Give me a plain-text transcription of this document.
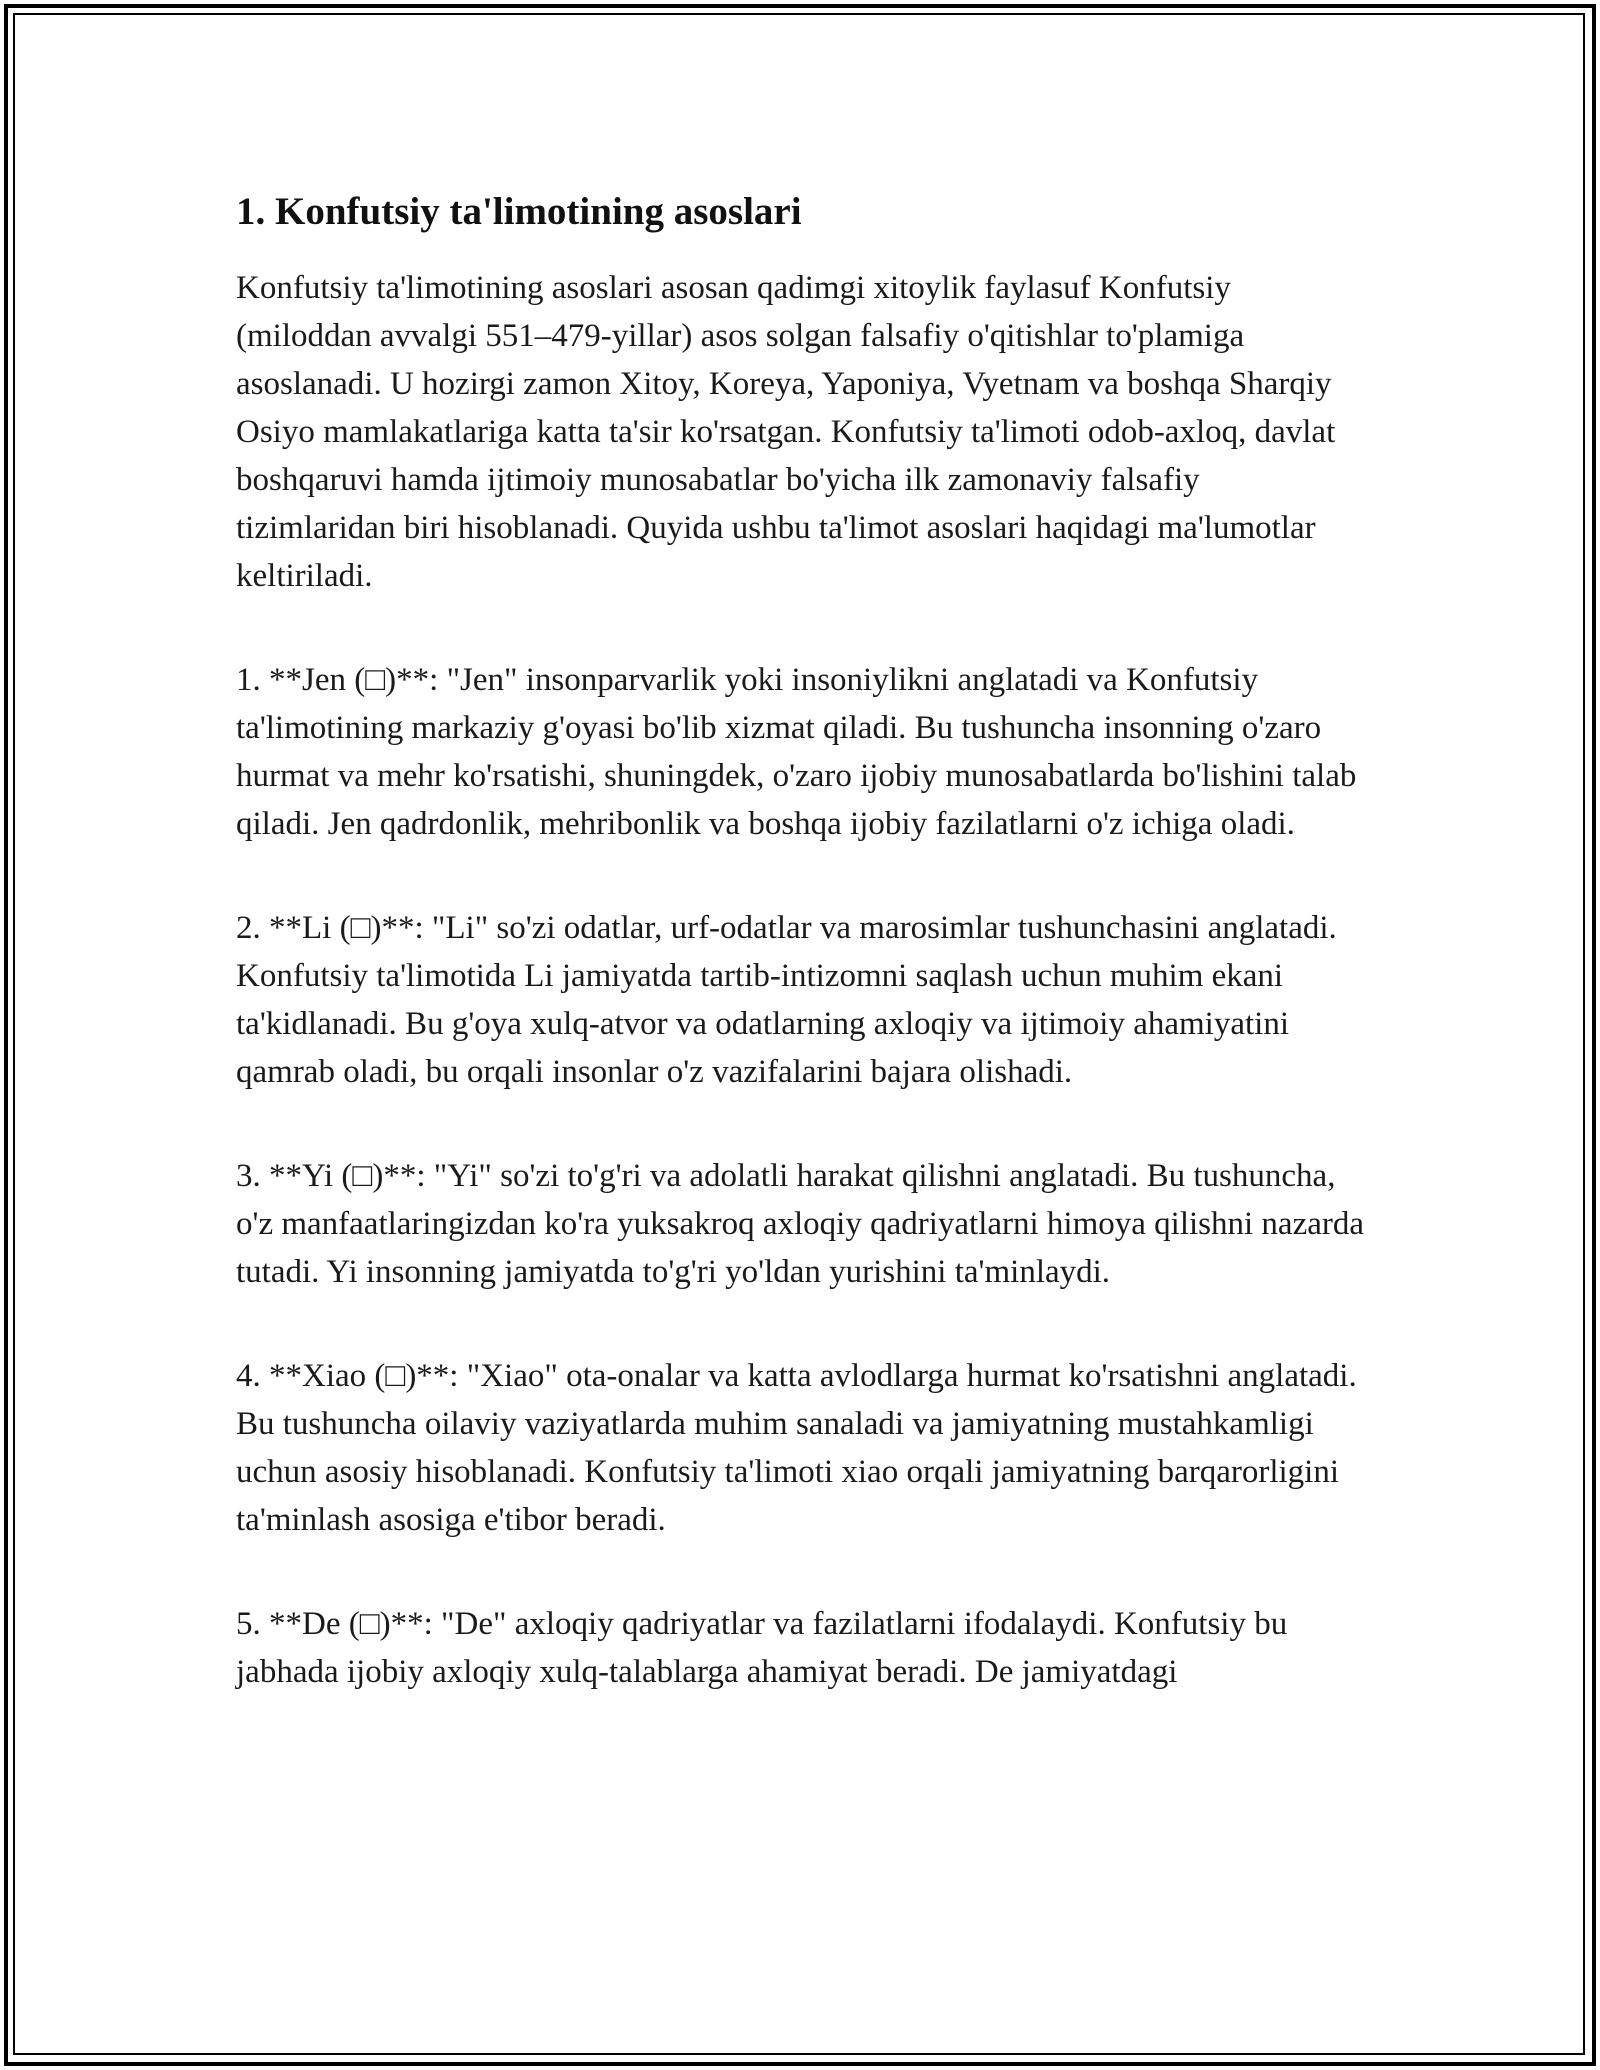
1. Konfutsiy ta'limotining asoslari

Konfutsiy ta'limotining asoslari asosan qadimgi xitoylik faylasuf Konfutsiy (miloddan avvalgi 551–479-yillar) asos solgan falsafiy o'qitishlar to'plamiga asoslanadi. U hozirgi zamon Xitoy, Koreya, Yaponiya, Vyetnam va boshqa Sharqiy Osiyo mamlakatlariga katta ta'sir ko'rsatgan. Konfutsiy ta'limoti odob-axloq, davlat boshqaruvi hamda ijtimoiy munosabatlar bo'yicha ilk zamonaviy falsafiy tizimlaridan biri hisoblanadi. Quyida ushbu ta'limot asoslari haqidagi ma'lumotlar keltiriladi.

1. **Jen (□)**: "Jen" insonparvarlik yoki insoniylikni anglatadi va Konfutsiy ta'limotining markaziy g'oyasi bo'lib xizmat qiladi. Bu tushuncha insonning o'zaro hurmat va mehr ko'rsatishi, shuningdek, o'zaro ijobiy munosabatlarda bo'lishini talab qiladi. Jen qadrdonlik, mehribonlik va boshqa ijobiy fazilatlarni o'z ichiga oladi.

2. **Li (□)**: "Li" so'zi odatlar, urf-odatlar va marosimlar tushunchasini anglatadi. Konfutsiy ta'limotida Li jamiyatda tartib-intizomni saqlash uchun muhim ekani ta'kidlanadi. Bu g'oya xulq-atvor va odatlarning axloqiy va ijtimoiy ahamiyatini qamrab oladi, bu orqali insonlar o'z vazifalarini bajara olishadi.

3. **Yi (□)**: "Yi" so'zi to'g'ri va adolatli harakat qilishni anglatadi. Bu tushuncha, o'z manfaatlaringizdan ko'ra yuksakroq axloqiy qadriyatlarni himoya qilishni nazarda tutadi. Yi insonning jamiyatda to'g'ri yo'ldan yurishini ta'minlaydi.

4. **Xiao (□)**: "Xiao" ota-onalar va katta avlodlarga hurmat ko'rsatishni anglatadi. Bu tushuncha oilaviy vaziyatlarda muhim sanaladi va jamiyatning mustahkamligi uchun asosiy hisoblanadi. Konfutsiy ta'limoti xiao orqali jamiyatning barqarorligini ta'minlash asosiga e'tibor beradi.

5. **De (□)**: "De" axloqiy qadriyatlar va fazilatlarni ifodalaydi. Konfutsiy bu jabhada ijobiy axloqiy xulq-talablarga ahamiyat beradi. De jamiyatdagi
